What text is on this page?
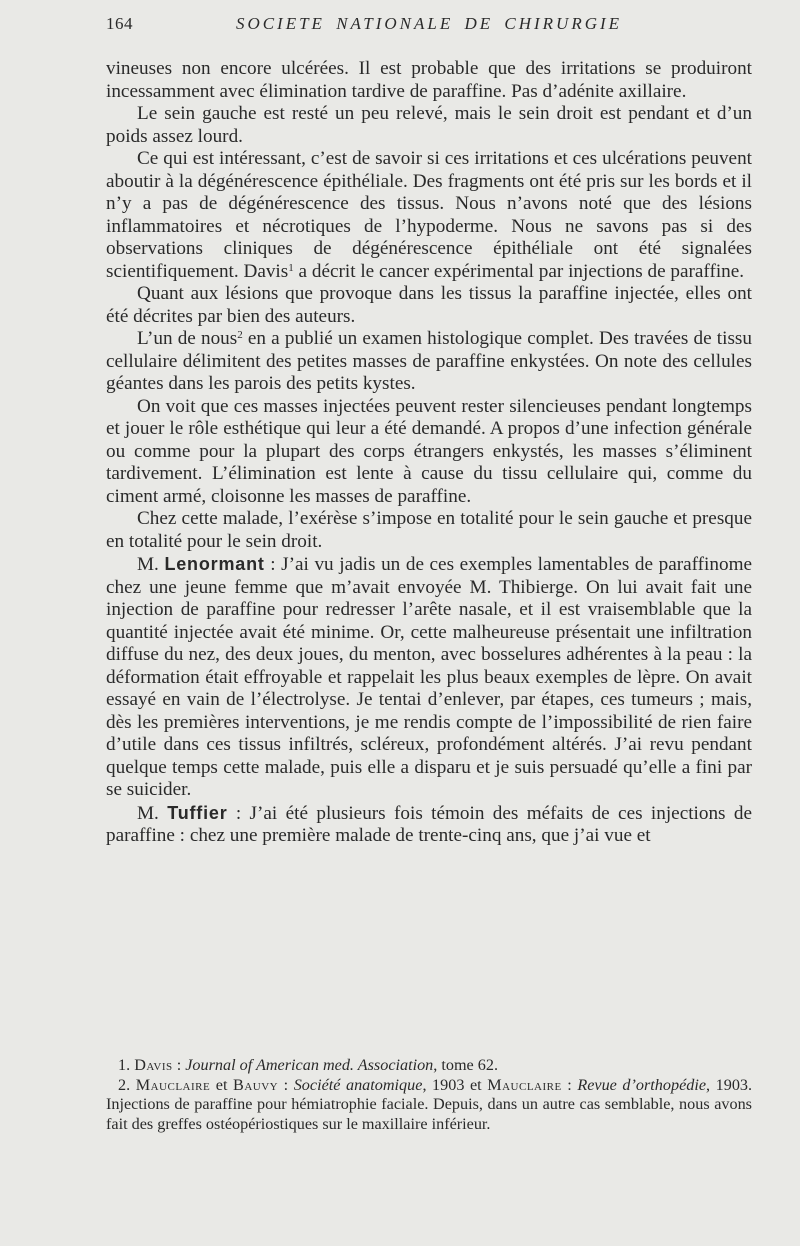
164	SOCIETE NATIONALE DE CHIRURGIE

vineuses non encore ulcérées. Il est probable que des irritations se produiront incessamment avec élimination tardive de paraffine. Pas d’adénite axillaire.

Le sein gauche est resté un peu relevé, mais le sein droit est pendant et d’un poids assez lourd.

Ce qui est intéressant, c’est de savoir si ces irritations et ces ulcérations peuvent aboutir à la dégénérescence épithéliale. Des fragments ont été pris sur les bords et il n’y a pas de dégénérescence des tissus. Nous n’avons noté que des lésions inflammatoires et nécrotiques de l’hypoderme. Nous ne savons pas si des observations cliniques de dégénérescence épithéliale ont été signalées scientifiquement. Davis$^1$ a décrit le cancer expérimental par injections de paraffine.

Quant aux lésions que provoque dans les tissus la paraffine injectée, elles ont été décrites par bien des auteurs.

L’un de nous$^2$ en a publié un examen histologique complet. Des travées de tissu cellulaire délimitent des petites masses de paraffine enkystées. On note des cellules géantes dans les parois des petits kystes.

On voit que ces masses injectées peuvent rester silencieuses pendant longtemps et jouer le rôle esthétique qui leur a été demandé. A propos d’une infection générale ou comme pour la plupart des corps étrangers enkystés, les masses s’éliminent tardivement. L’élimination est lente à cause du tissu cellulaire qui, comme du ciment armé, cloisonne les masses de paraffine.

Chez cette malade, l’exérèse s’impose en totalité pour le sein gauche et presque en totalité pour le sein droit.

M. Lenormant : J’ai vu jadis un de ces exemples lamentables de paraffinome chez une jeune femme que m’avait envoyée M. Thibierge. On lui avait fait une injection de paraffine pour redresser l’arête nasale, et il est vraisemblable que la quantité injectée avait été minime. Or, cette malheureuse présentait une infiltration diffuse du nez, des deux joues, du menton, avec bosselures adhérentes à la peau : la déformation était effroyable et rappelait les plus beaux exemples de lèpre. On avait essayé en vain de l’électrolyse. Je tentai d’enlever, par étapes, ces tumeurs ; mais, dès les premières interventions, je me rendis compte de l’impossibilité de rien faire d’utile dans ces tissus infiltrés, scléreux, profondément altérés. J’ai revu pendant quelque temps cette malade, puis elle a disparu et je suis persuadé qu’elle a fini par se suicider.

M. Tuffier : J’ai été plusieurs fois témoin des méfaits de ces injections de paraffine : chez une première malade de trente-cinq ans, que j’ai vue et

1. Davis : Journal of American med. Association, tome 62.

2. Mauclaire et Bauvy : Société anatomique, 1903 et Mauclaire : Revue d’orthopédie, 1903. Injections de paraffine pour hémiatrophie faciale. Depuis, dans un autre cas semblable, nous avons fait des greffes ostéopériostiques sur le maxillaire inférieur.
